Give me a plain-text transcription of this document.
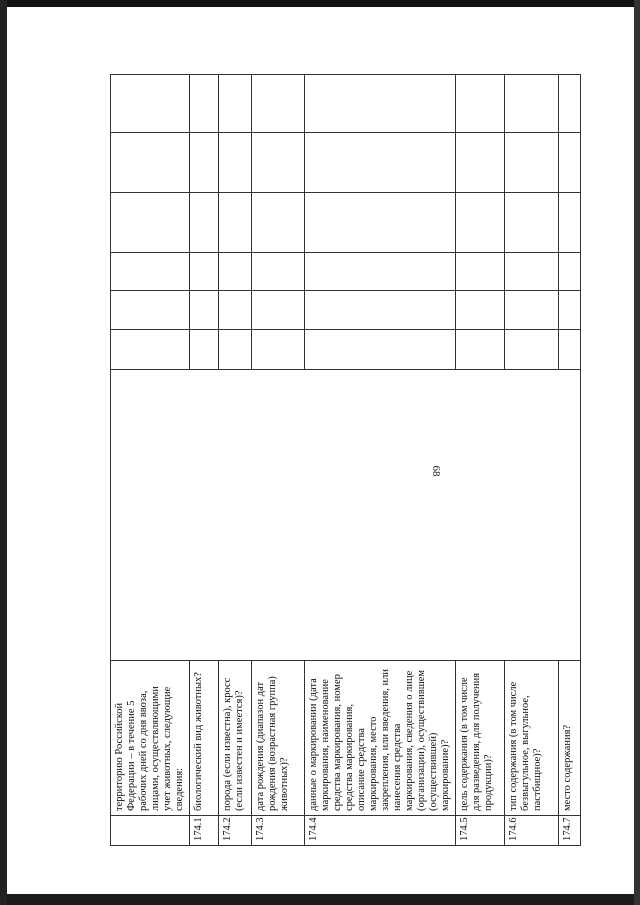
68
	территорию Российской Федерации – в течение 5 рабочих дней со дня ввоза, лицами, осуществляющими учет животных, следующие сведения:							
174.1	биологический вид животных?							
174.2	порода (если известна), кросс (если известен и имеется)?							
174.3	дата рождения (диапазон дат рождения (возрастная группа) животных)?							
174.4	данные о маркировании (дата маркирования, наименование средства маркирования, номер средства маркирования, описание средства маркирования, место закрепления, или введения, или нанесения средства маркирования, сведения о лице (организации), осуществившем (осуществившей) маркирование)?							
174.5	цель содержания (в том числе для разведения, для получения продукции)?							
174.6	тип содержания (в том числе безвыгульное, выгульное, пастбищное)?							
174.7	место содержания?							
